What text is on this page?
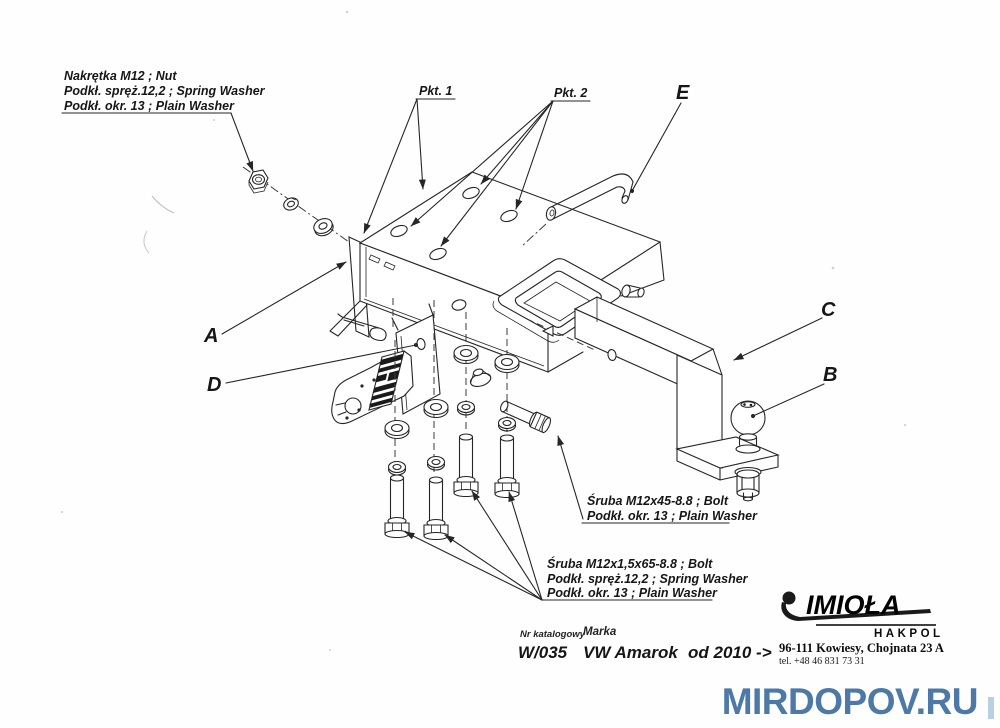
Nakrętka M12 ; Nut
Podkł. spręż.12,2 ; Spring Washer
Podkł. okr. 13 ; Plain Washer
Pkt. 1	Pkt. 2
A
D
E
C
B
Śruba M12x45-8.8 ; Bolt
Podkł. okr. 13 ; Plain Washer
Śruba M12x1,5x65-8.8 ; Bolt
Podkł. spręż.12,2 ; Spring Washer
Podkł. okr. 13 ; Plain Washer
Nr katalogowy
W/035
Marka
VW Amarok od 2010 ->
IMIOŁA
HAKPOL
96-111 Kowiesy, Chojnata 23 A
tel. +48 46 831 73 31
MIRDOPOV.RU
